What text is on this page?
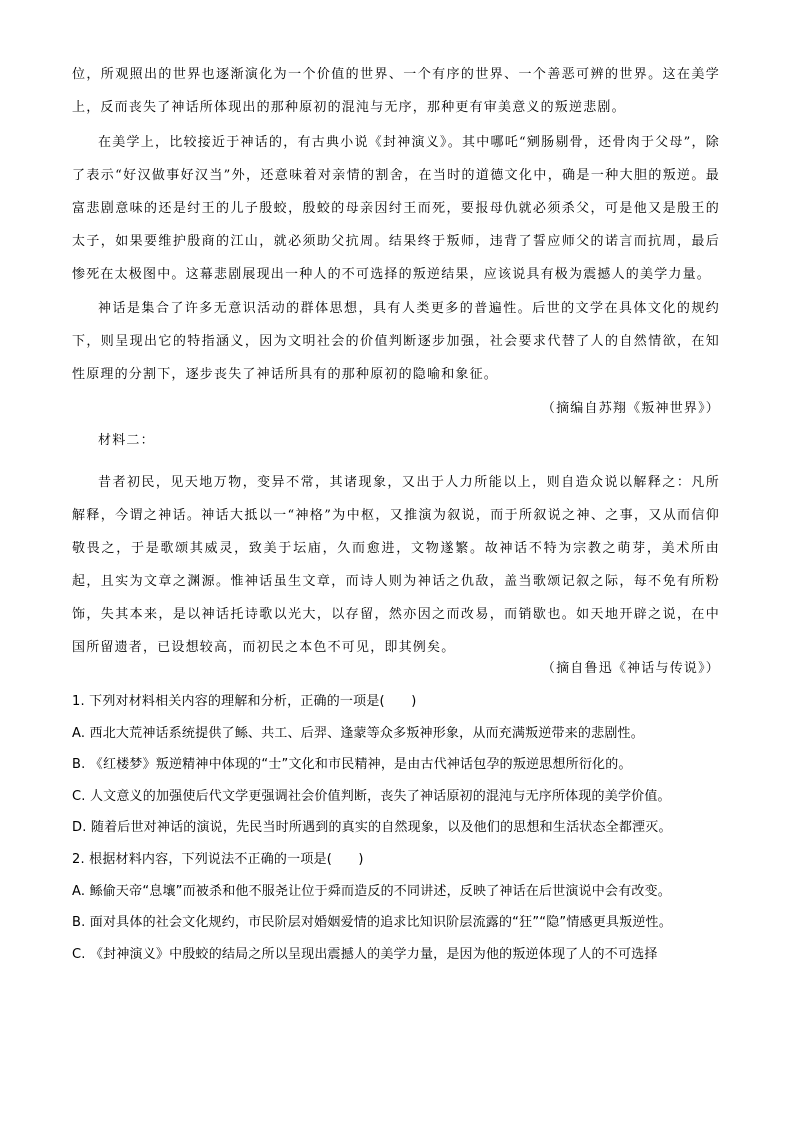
位，所观照出的世界也逐渐演化为一个价值的世界、一个有序的世界、一个善恶可辨的世界。这在美学上，反而丧失了神话所体现出的那种原初的混沌与无序，那种更有审美意义的叛逆悲剧。

在美学上，比较接近于神话的，有古典小说《封神演义》。其中哪吒“剜肠剔骨，还骨肉于父母”，除了表示“好汉做事好汉当”外，还意味着对亲情的割舍，在当时的道德文化中，确是一种大胆的叛逆。最富悲剧意味的还是纣王的儿子殷蛟，殷蛟的母亲因纣王而死，要报母仇就必须杀父，可是他又是殷王的太子，如果要维护殷商的江山，就必须助父抗周。结果终于叛师，违背了誓应师父的诺言而抗周，最后惨死在太极图中。这幕悲剧展现出一种人的不可选择的叛逆结果，应该说具有极为震撼人的美学力量。

神话是集合了许多无意识活动的群体思想，具有人类更多的普遍性。后世的文学在具体文化的规约下，则呈现出它的特指涵义，因为文明社会的价值判断逐步加强，社会要求代替了人的自然情欲，在知性原理的分割下，逐步丧失了神话所具有的那种原初的隐喻和象征。

（摘编自苏翔《叛神世界》）

材料二：

昔者初民，见天地万物，变异不常，其诸现象，又出于人力所能以上，则自造众说以解释之：凡所解释，今谓之神话。神话大抵以一“神格”为中枢，又推演为叙说，而于所叙说之神、之事，又从而信仰敬畏之，于是歌颂其威灵，致美于坛庙，久而愈进，文物遂繁。故神话不特为宗教之萌芽，美术所由起，且实为文章之渊源。惟神话虽生文章，而诗人则为神话之仇敌，盖当歌颂记叙之际，每不免有所粉饰，失其本来，是以神话托诗歌以光大，以存留，然亦因之而改易，而销歇也。如天地开辟之说，在中国所留遗者，已设想较高，而初民之本色不可见，即其例矣。

（摘自鲁迅《神话与传说》）

1. 下列对材料相关内容的理解和分析，正确的一项是(　　)

A. 西北大荒神话系统提供了鲧、共工、后羿、逢蒙等众多叛神形象，从而充满叛逆带来的悲剧性。

B. 《红楼梦》叛逆精神中体现的“士”文化和市民精神，是由古代神话包孕的叛逆思想所衍化的。

C. 人文意义的加强使后代文学更强调社会价值判断，丧失了神话原初的混沌与无序所体现的美学价值。

D. 随着后世对神话的演说，先民当时所遇到的真实的自然现象，以及他们的思想和生活状态全都湮灭。

2. 根据材料内容，下列说法不正确的一项是(　　)

A. 鲧偷天帝“息壤”而被杀和他不服尧让位于舜而造反的不同讲述，反映了神话在后世演说中会有改变。

B. 面对具体的社会文化规约，市民阶层对婚姻爱情的追求比知识阶层流露的“狂”“隐”情感更具叛逆性。

C. 《封神演义》中殷蛟的结局之所以呈现出震撼人的美学力量，是因为他的叛逆体现了人的不可选择
